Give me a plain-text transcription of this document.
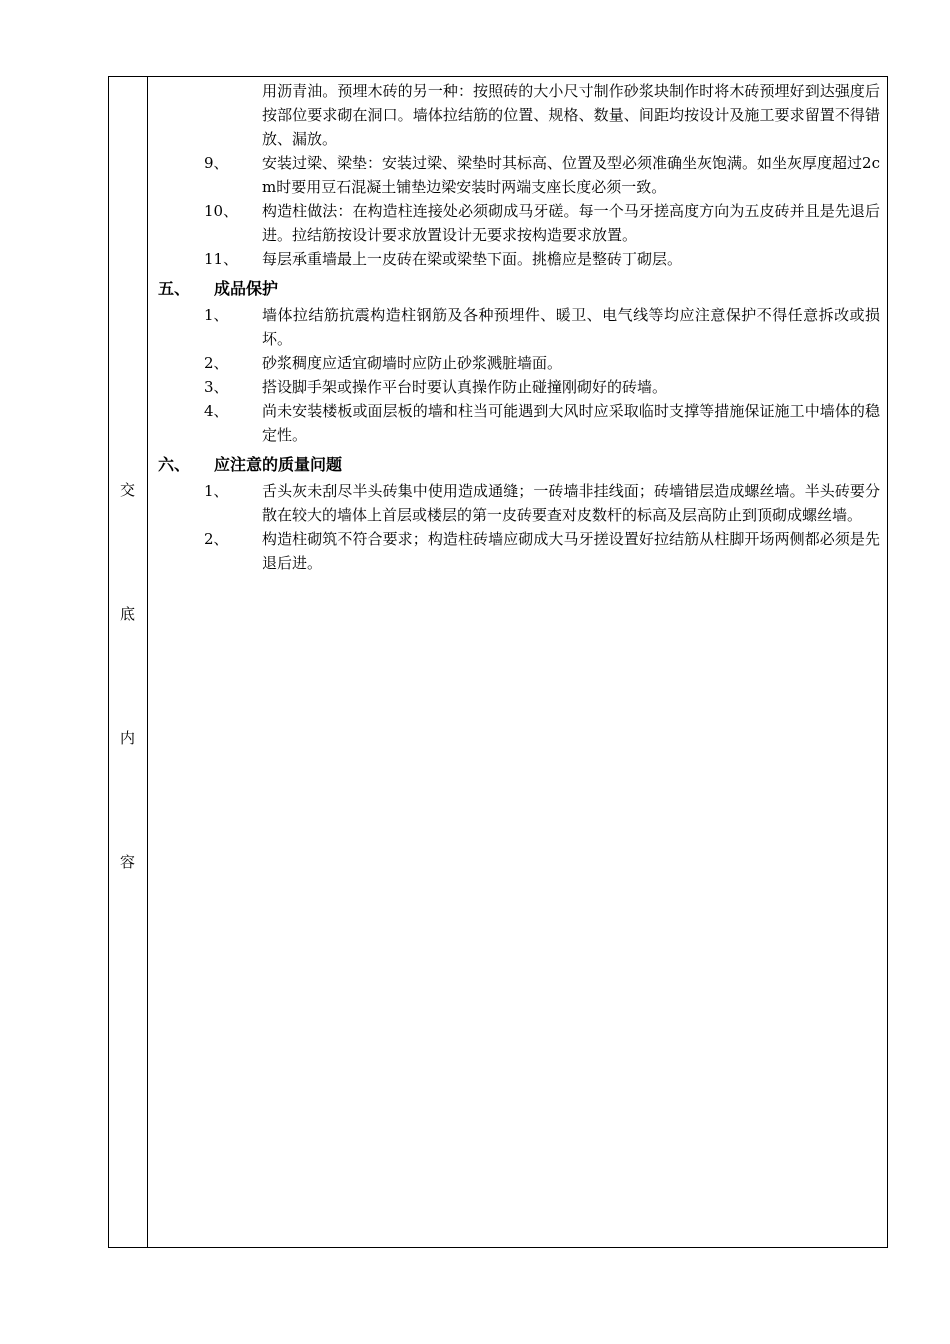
交
底
内
容
用沥青油。预埋木砖的另一种：按照砖的大小尺寸制作砂浆块制作时将木砖预埋好到达强度后按部位要求砌在洞口。墙体拉结筋的位置、规格、数量、间距均按设计及施工要求留置不得错放、漏放。
9、 安装过梁、梁垫：安装过梁、梁垫时其标高、位置及型必须准确坐灰饱满。如坐灰厚度超过2cm时要用豆石混凝土铺垫边梁安装时两端支座长度必须一致。
10、 构造柱做法：在构造柱连接处必须砌成马牙磋。每一个马牙搓高度方向为五皮砖并且是先退后进。拉结筋按设计要求放置设计无要求按构造要求放置。
11、 每层承重墙最上一皮砖在梁或梁垫下面。挑檐应是整砖丁砌层。
五、 成品保护
1、 墙体拉结筋抗震构造柱钢筋及各种预埋件、暖卫、电气线等均应注意保护不得任意拆改或损坏。
2、 砂浆稠度应适宜砌墙时应防止砂浆溅脏墙面。
3、 搭设脚手架或操作平台时要认真操作防止碰撞刚砌好的砖墙。
4、 尚未安装楼板或面层板的墙和柱当可能遇到大风时应采取临时支撑等措施保证施工中墙体的稳定性。
六、 应注意的质量问题
1、 舌头灰未刮尽半头砖集中使用造成通缝；一砖墙非挂线面；砖墙错层造成螺丝墙。半头砖要分散在较大的墙体上首层或楼层的第一皮砖要查对皮数杆的标高及层高防止到顶砌成螺丝墙。
2、 构造柱砌筑不符合要求；构造柱砖墙应砌成大马牙搓设置好拉结筋从柱脚开场两侧都必须是先退后进。
